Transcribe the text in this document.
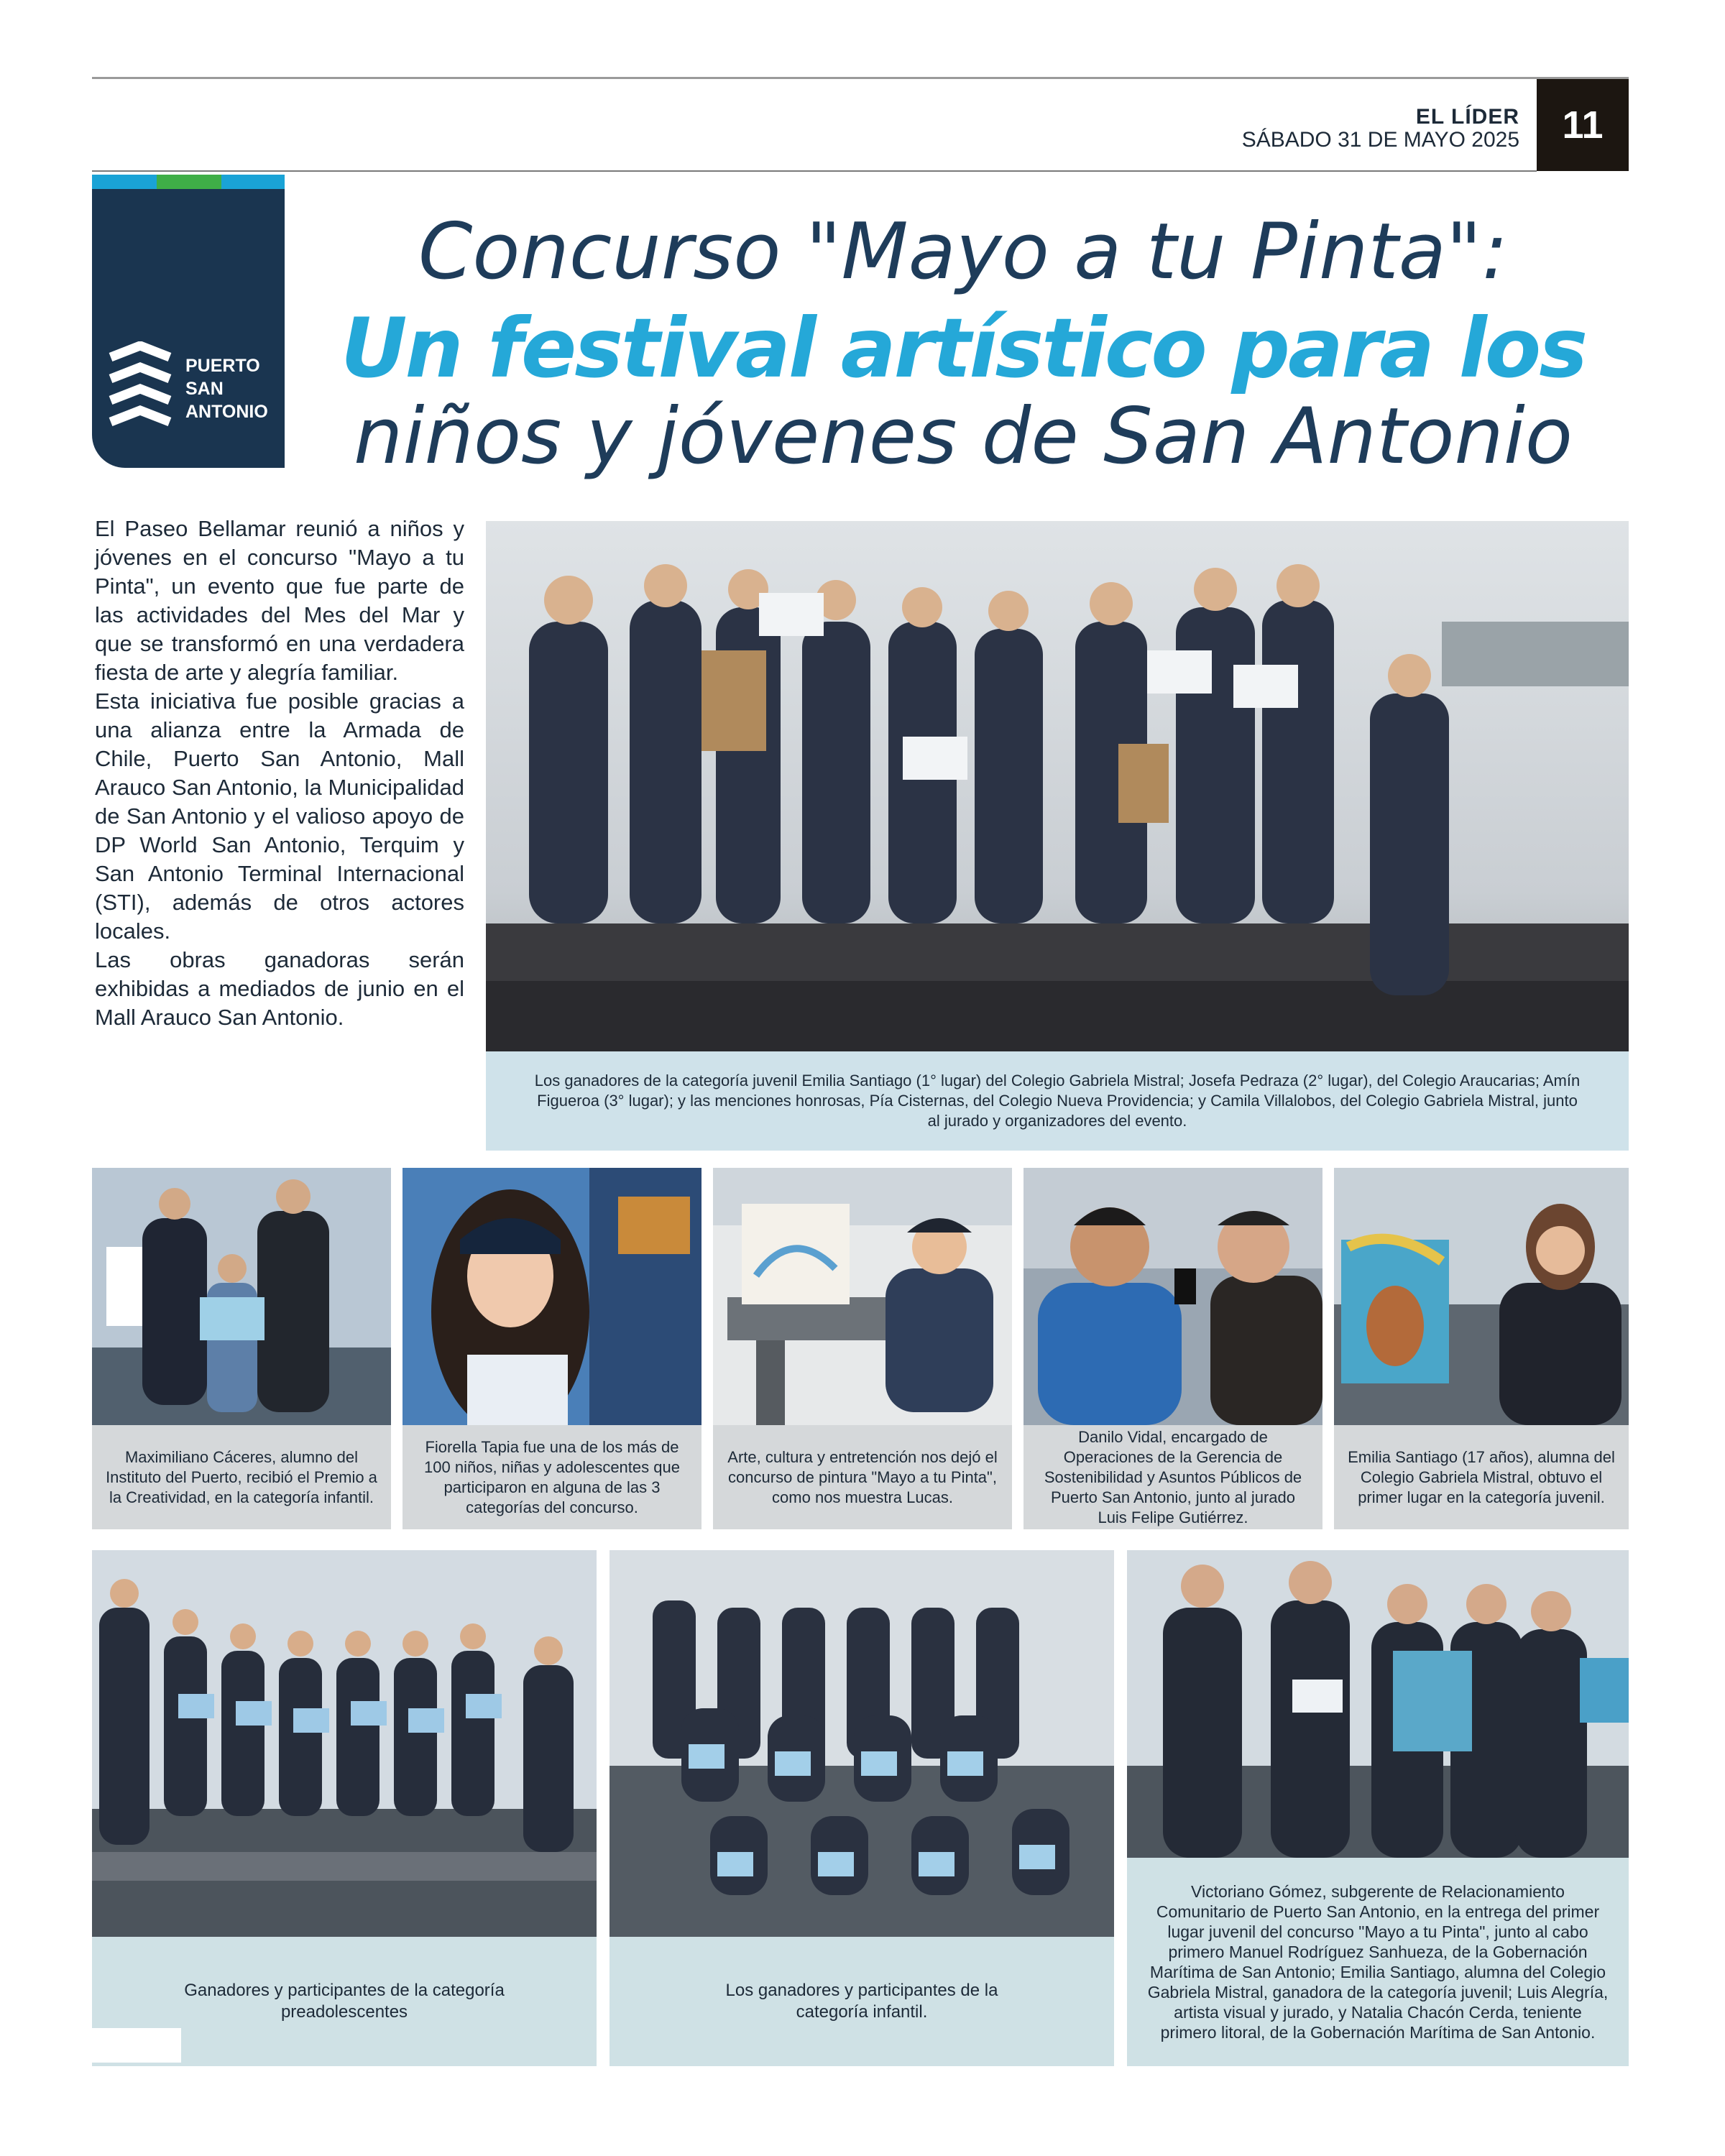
EL LÍDER
SÁBADO 31 DE MAYO 2025	11
PUERTO
SAN
ANTONIO
Concurso "Mayo a tu Pinta":
Un festival artístico para los
niños y jóvenes de San Antonio

El Paseo Bellamar reunió a niños y jóvenes en el concurso "Mayo a tu Pinta", un evento que fue parte de las actividades del Mes del Mar y que se transformó en una verdadera fiesta de arte y alegría familiar.

Esta iniciativa fue posible gracias a una alianza entre la Armada de Chile, Puerto San Antonio, Mall Arauco San Antonio, la Municipalidad de San Antonio y el valioso apoyo de DP World San Antonio, Terquim y San Antonio Terminal Internacional (STI), además de otros actores locales.

Las obras ganadoras serán exhibidas a mediados de junio en el Mall Arauco San Antonio.

Los ganadores de la categoría juvenil Emilia Santiago (1° lugar) del Colegio Gabriela Mistral; Josefa Pedraza (2° lugar), del Colegio Araucarias; Amín Figueroa (3° lugar); y las menciones honrosas, Pía Cisternas, del Colegio Nueva Providencia; y Camila Villalobos, del Colegio Gabriela Mistral, junto al jurado y organizadores del evento.
Maximiliano Cáceres, alumno del Instituto del Puerto, recibió el Premio a la Creatividad, en la categoría infantil.
Fiorella Tapia fue una de los más de 100 niños, niñas y adolescentes que participaron en alguna de las 3 categorías del concurso.
Arte, cultura y entretención nos dejó el concurso de pintura "Mayo a tu Pinta", como nos muestra Lucas.
Danilo Vidal, encargado de Operaciones de la Gerencia de Sostenibilidad y Asuntos Públicos de Puerto San Antonio, junto al jurado Luis Felipe Gutiérrez.
Emilia Santiago (17 años), alumna del Colegio Gabriela Mistral, obtuvo el primer lugar en la categoría juvenil.
Ganadores y participantes de la categoría preadolescentes
Los ganadores y participantes de la categoría infantil.
Victoriano Gómez, subgerente de Relacionamiento Comunitario de Puerto San Antonio, en la entrega del primer lugar juvenil del concurso "Mayo a tu Pinta", junto al cabo primero Manuel Rodríguez Sanhueza, de la Gobernación Marítima de San Antonio; Emilia Santiago, alumna del Colegio Gabriela Mistral, ganadora de la categoría juvenil; Luis Alegría, artista visual y jurado, y Natalia Chacón Cerda, teniente primero litoral, de la Gobernación Marítima de San Antonio.
